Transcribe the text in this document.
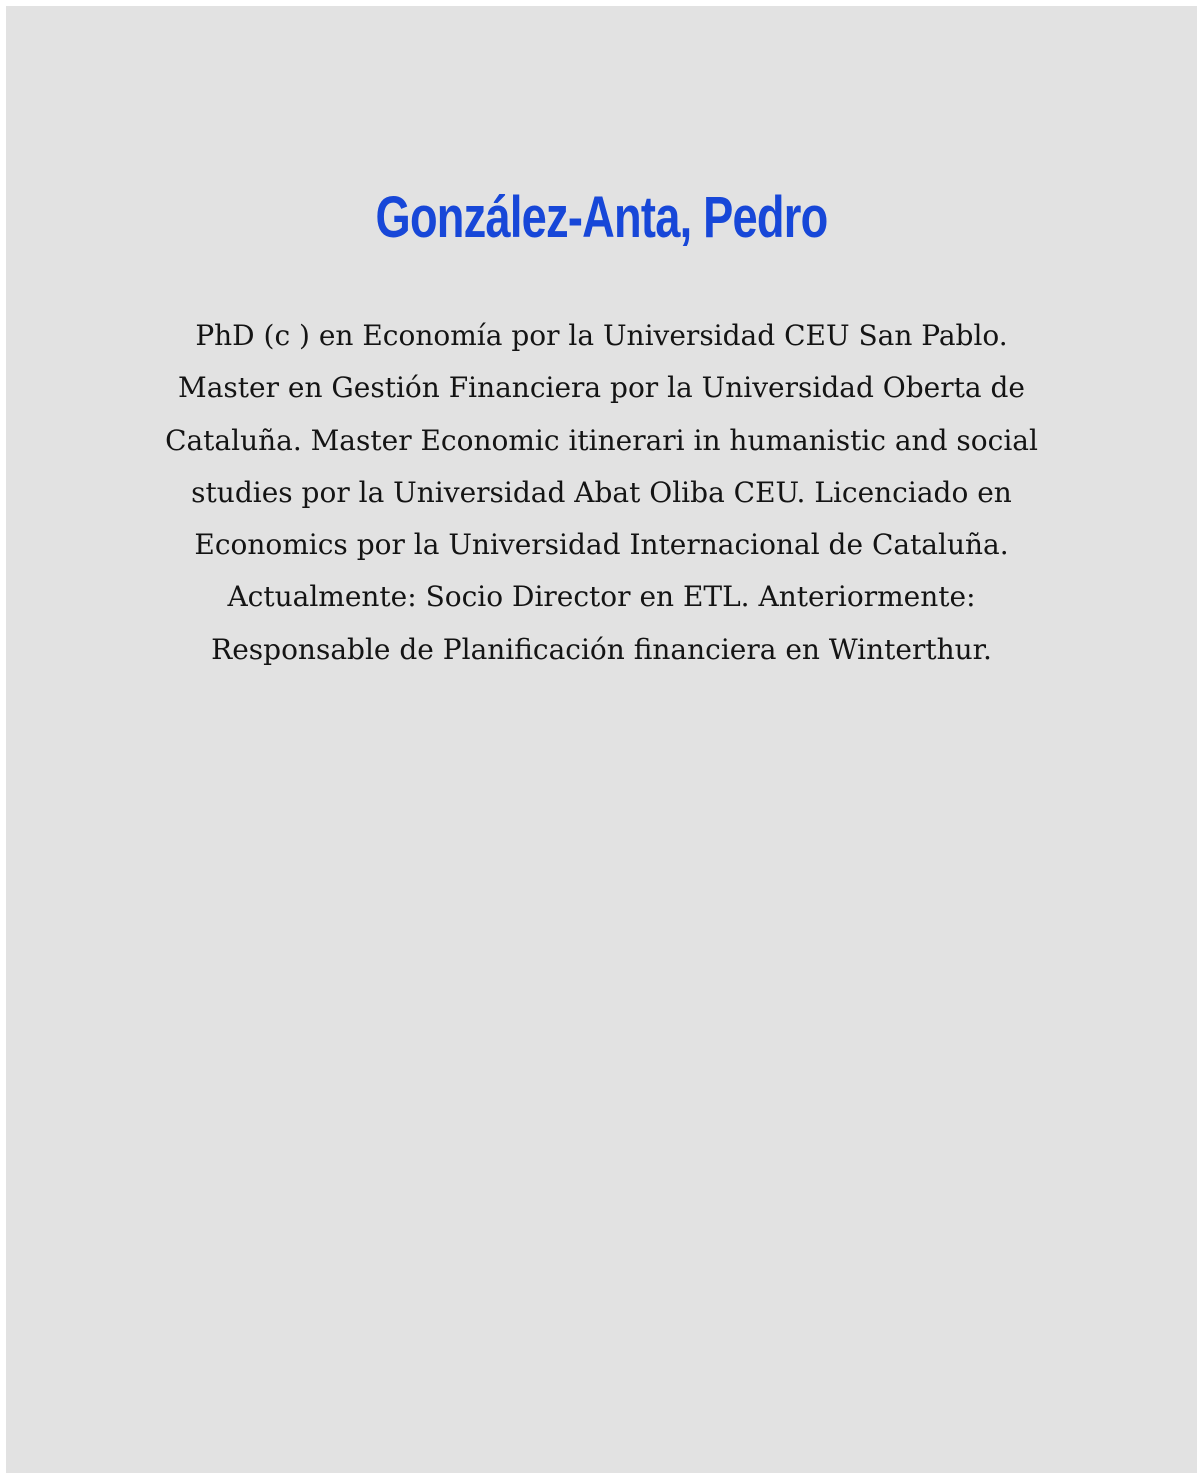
González-Anta, Pedro

PhD (c ) en Economía por la Universidad CEU San Pablo.
Master en Gestión Financiera por la Universidad Oberta de
Cataluña. Master Economic itinerari in humanistic and social
studies por la Universidad Abat Oliba CEU. Licenciado en
Economics por la Universidad Internacional de Cataluña.
Actualmente: Socio Director en ETL. Anteriormente:
Responsable de Planificación financiera en Winterthur.
